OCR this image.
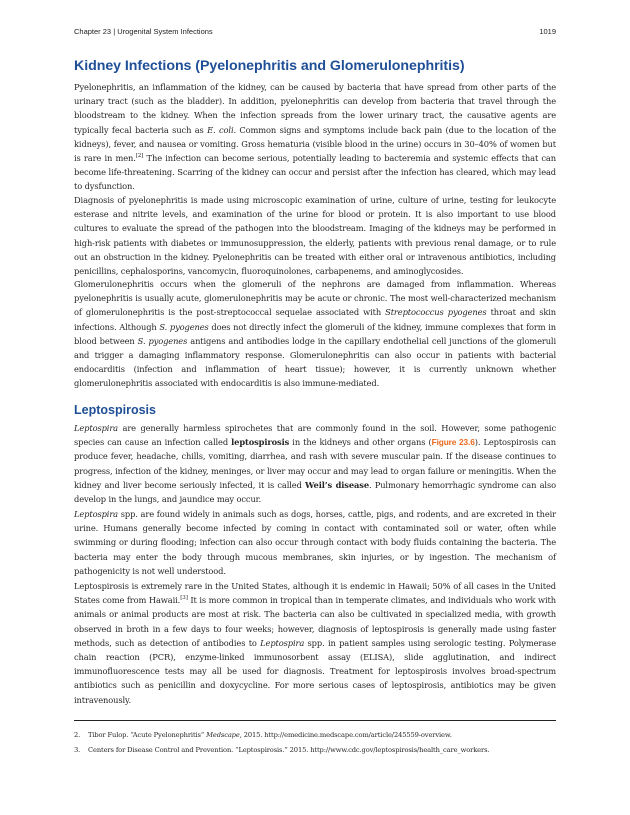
Chapter 23 | Urogenital System Infections	1019
Kidney Infections (Pyelonephritis and Glomerulonephritis)

Pyelonephritis, an inflammation of the kidney, can be caused by bacteria that have spread from other parts of the urinary tract (such as the bladder). In addition, pyelonephritis can develop from bacteria that travel through the bloodstream to the kidney. When the infection spreads from the lower urinary tract, the causative agents are typically fecal bacteria such as E. coli. Common signs and symptoms include back pain (due to the location of the kidneys), fever, and nausea or vomiting. Gross hematuria (visible blood in the urine) occurs in 30–40% of women but is rare in men.[2] The infection can become serious, potentially leading to bacteremia and systemic effects that can become life-threatening. Scarring of the kidney can occur and persist after the infection has cleared, which may lead to dysfunction.

Diagnosis of pyelonephritis is made using microscopic examination of urine, culture of urine, testing for leukocyte esterase and nitrite levels, and examination of the urine for blood or protein. It is also important to use blood cultures to evaluate the spread of the pathogen into the bloodstream. Imaging of the kidneys may be performed in high-risk patients with diabetes or immunosuppression, the elderly, patients with previous renal damage, or to rule out an obstruction in the kidney. Pyelonephritis can be treated with either oral or intravenous antibiotics, including penicillins, cephalosporins, vancomycin, fluoroquinolones, carbapenems, and aminoglycosides.

Glomerulonephritis occurs when the glomeruli of the nephrons are damaged from inflammation. Whereas pyelonephritis is usually acute, glomerulonephritis may be acute or chronic. The most well-characterized mechanism of glomerulonephritis is the post-streptococcal sequelae associated with Streptococcus pyogenes throat and skin infections. Although S. pyogenes does not directly infect the glomeruli of the kidney, immune complexes that form in blood between S. pyogenes antigens and antibodies lodge in the capillary endothelial cell junctions of the glomeruli and trigger a damaging inflammatory response. Glomerulonephritis can also occur in patients with bacterial endocarditis (infection and inflammation of heart tissue); however, it is currently unknown whether glomerulonephritis associated with endocarditis is also immune-mediated.

Leptospirosis

Leptospira are generally harmless spirochetes that are commonly found in the soil. However, some pathogenic species can cause an infection called leptospirosis in the kidneys and other organs (Figure 23.6). Leptospirosis can produce fever, headache, chills, vomiting, diarrhea, and rash with severe muscular pain. If the disease continues to progress, infection of the kidney, meninges, or liver may occur and may lead to organ failure or meningitis. When the kidney and liver become seriously infected, it is called Weil’s disease. Pulmonary hemorrhagic syndrome can also develop in the lungs, and jaundice may occur.

Leptospira spp. are found widely in animals such as dogs, horses, cattle, pigs, and rodents, and are excreted in their urine. Humans generally become infected by coming in contact with contaminated soil or water, often while swimming or during flooding; infection can also occur through contact with body fluids containing the bacteria. The bacteria may enter the body through mucous membranes, skin injuries, or by ingestion. The mechanism of pathogenicity is not well understood.

Leptospirosis is extremely rare in the United States, although it is endemic in Hawaii; 50% of all cases in the United States come from Hawaii.[3] It is more common in tropical than in temperate climates, and individuals who work with animals or animal products are most at risk. The bacteria can also be cultivated in specialized media, with growth observed in broth in a few days to four weeks; however, diagnosis of leptospirosis is generally made using faster methods, such as detection of antibodies to Leptospira spp. in patient samples using serologic testing. Polymerase chain reaction (PCR), enzyme-linked immunosorbent assay (ELISA), slide agglutination, and indirect immunofluorescence tests may all be used for diagnosis. Treatment for leptospirosis involves broad-spectrum antibiotics such as penicillin and doxycycline. For more serious cases of leptospirosis, antibiotics may be given intravenously.

2. Tibor Fulop. “Acute Pyelonephritis” Medscape, 2015. http://emedicine.medscape.com/article/245559-overview.

3. Centers for Disease Control and Prevention. “Leptospirosis.” 2015. http://www.cdc.gov/leptospirosis/health_care_workers.
